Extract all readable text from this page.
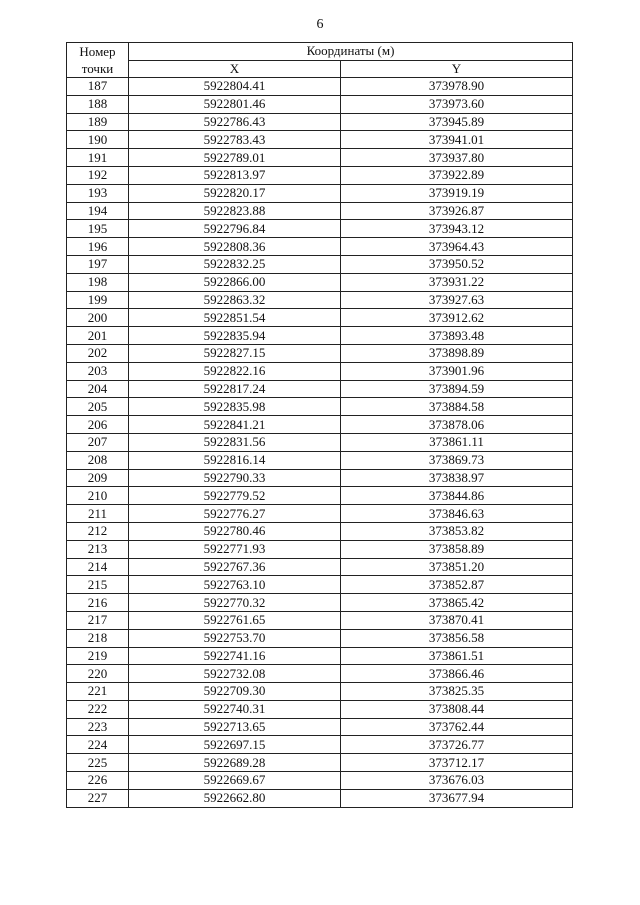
6
Номер
точки	Координаты (м)	
	X	Y
187	5922804.41	373978.90
188	5922801.46	373973.60
189	5922786.43	373945.89
190	5922783.43	373941.01
191	5922789.01	373937.80
192	5922813.97	373922.89
193	5922820.17	373919.19
194	5922823.88	373926.87
195	5922796.84	373943.12
196	5922808.36	373964.43
197	5922832.25	373950.52
198	5922866.00	373931.22
199	5922863.32	373927.63
200	5922851.54	373912.62
201	5922835.94	373893.48
202	5922827.15	373898.89
203	5922822.16	373901.96
204	5922817.24	373894.59
205	5922835.98	373884.58
206	5922841.21	373878.06
207	5922831.56	373861.11
208	5922816.14	373869.73
209	5922790.33	373838.97
210	5922779.52	373844.86
211	5922776.27	373846.63
212	5922780.46	373853.82
213	5922771.93	373858.89
214	5922767.36	373851.20
215	5922763.10	373852.87
216	5922770.32	373865.42
217	5922761.65	373870.41
218	5922753.70	373856.58
219	5922741.16	373861.51
220	5922732.08	373866.46
221	5922709.30	373825.35
222	5922740.31	373808.44
223	5922713.65	373762.44
224	5922697.15	373726.77
225	5922689.28	373712.17
226	5922669.67	373676.03
227	5922662.80	373677.94
